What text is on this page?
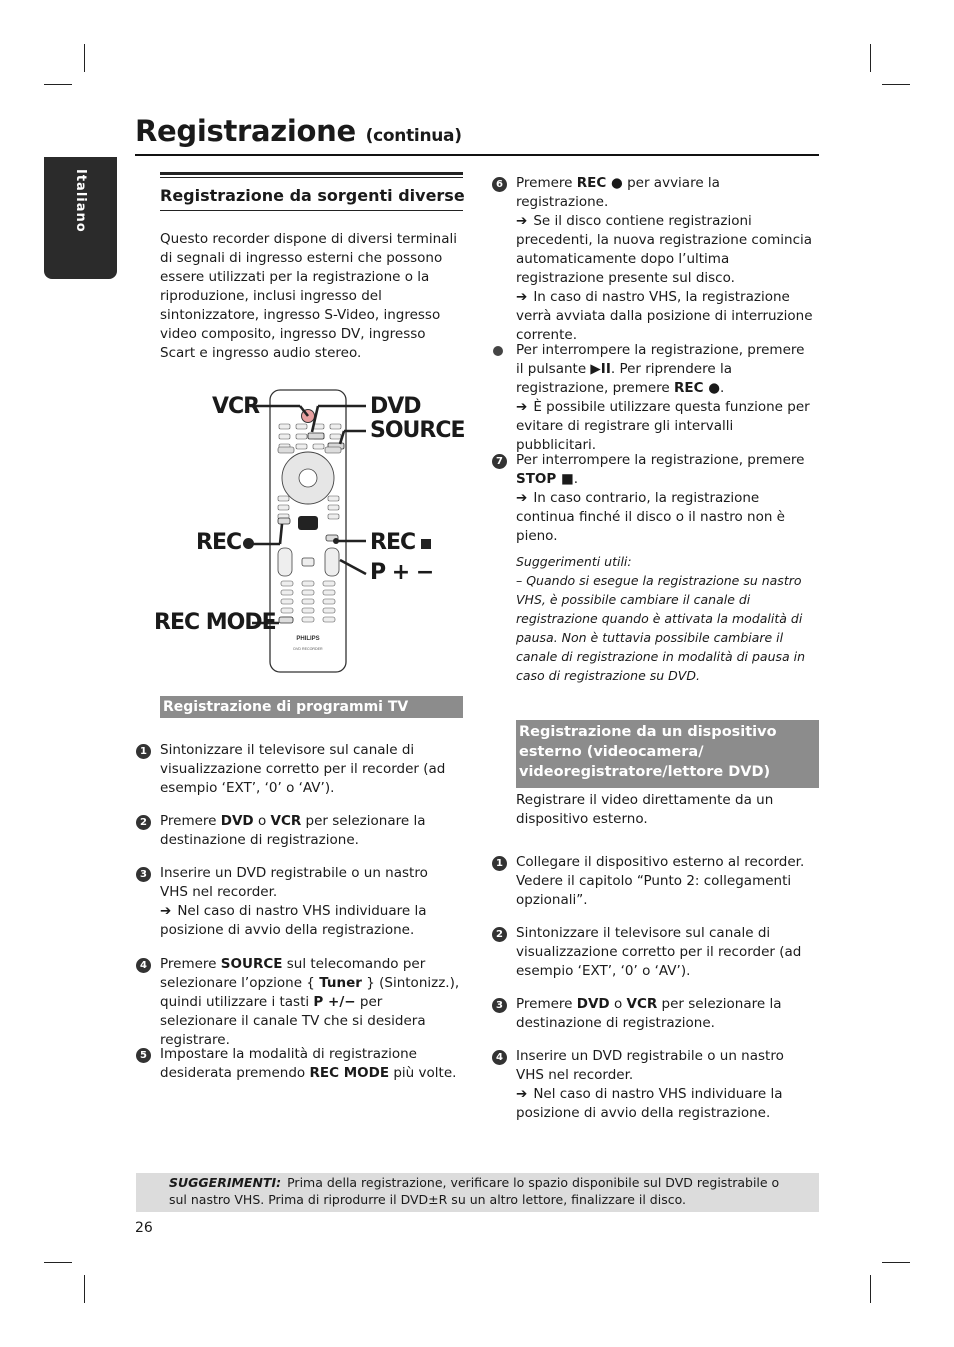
Registrazione (continua)
Italiano	Registrazione da sorgenti diverse
Questo recorder dispone di diversi terminali di segnali di ingresso esterni che possono essere utilizzati per la registrazione o la riproduzione, inclusi ingresso del sintonizzatore, ingresso S-Video, ingresso video composito, ingresso DV, ingresso Scart e ingresso audio stereo.
PHILIPS
DVD RECORDER
VCR	DVD
SOURCE
REC	REC
P + −
REC MODE
Registrazione di programmi TV
1 Sintonizzare il televisore sul canale di visualizzazione corretto per il recorder (ad esempio ‘EXT’, ‘0’ o ‘AV’).
2 Premere DVD o VCR per selezionare la destinazione di registrazione.
3 Inserire un DVD registrabile o un nastro VHS nel recorder.
➔ Nel caso di nastro VHS individuare la posizione di avvio della registrazione.
4 Premere SOURCE sul telecomando per selezionare l’opzione { Tuner } (Sintonizz.), quindi utilizzare i tasti P +/− per selezionare il canale TV che si desidera registrare.
5 Impostare la modalità di registrazione desiderata premendo REC MODE più volte.
6 Premere REC ● per avviare la registrazione.
➔ Se il disco contiene registrazioni precedenti, la nuova registrazione comincia automaticamente dopo l’ultima registrazione presente sul disco.
➔ In caso di nastro VHS, la registrazione verrà avviata dalla posizione di interruzione corrente.
Per interrompere la registrazione, premere il pulsante ▶II. Per riprendere la registrazione, premere REC ●.
➔ È possibile utilizzare questa funzione per evitare di registrare gli intervalli pubblicitari.
7 Per interrompere la registrazione, premere STOP ■.
➔ In caso contrario, la registrazione continua finché il disco o il nastro non è pieno.
Suggerimenti utili:
– Quando si esegue la registrazione su nastro VHS, è possibile cambiare il canale di registrazione quando è attivata la modalità di pausa. Non è tuttavia possibile cambiare il canale di registrazione in modalità di pausa in caso di registrazione su DVD.
Registrazione da un dispositivo esterno (videocamera/ videoregistratore/lettore DVD)
Registrare il video direttamente da un dispositivo esterno.
1 Collegare il dispositivo esterno al recorder. Vedere il capitolo “Punto 2: collegamenti opzionali”.
2 Sintonizzare il televisore sul canale di visualizzazione corretto per il recorder (ad esempio ‘EXT’, ‘0’ o ‘AV’).
3 Premere DVD o VCR per selezionare la destinazione di registrazione.
4 Inserire un DVD registrabile o un nastro VHS nel recorder.
➔ Nel caso di nastro VHS individuare la posizione di avvio della registrazione.
SUGGERIMENTI: Prima della registrazione, verificare lo spazio disponibile sul DVD registrabile o sul nastro VHS. Prima di riprodurre il DVD±R su un altro lettore, finalizzare il disco.
26
